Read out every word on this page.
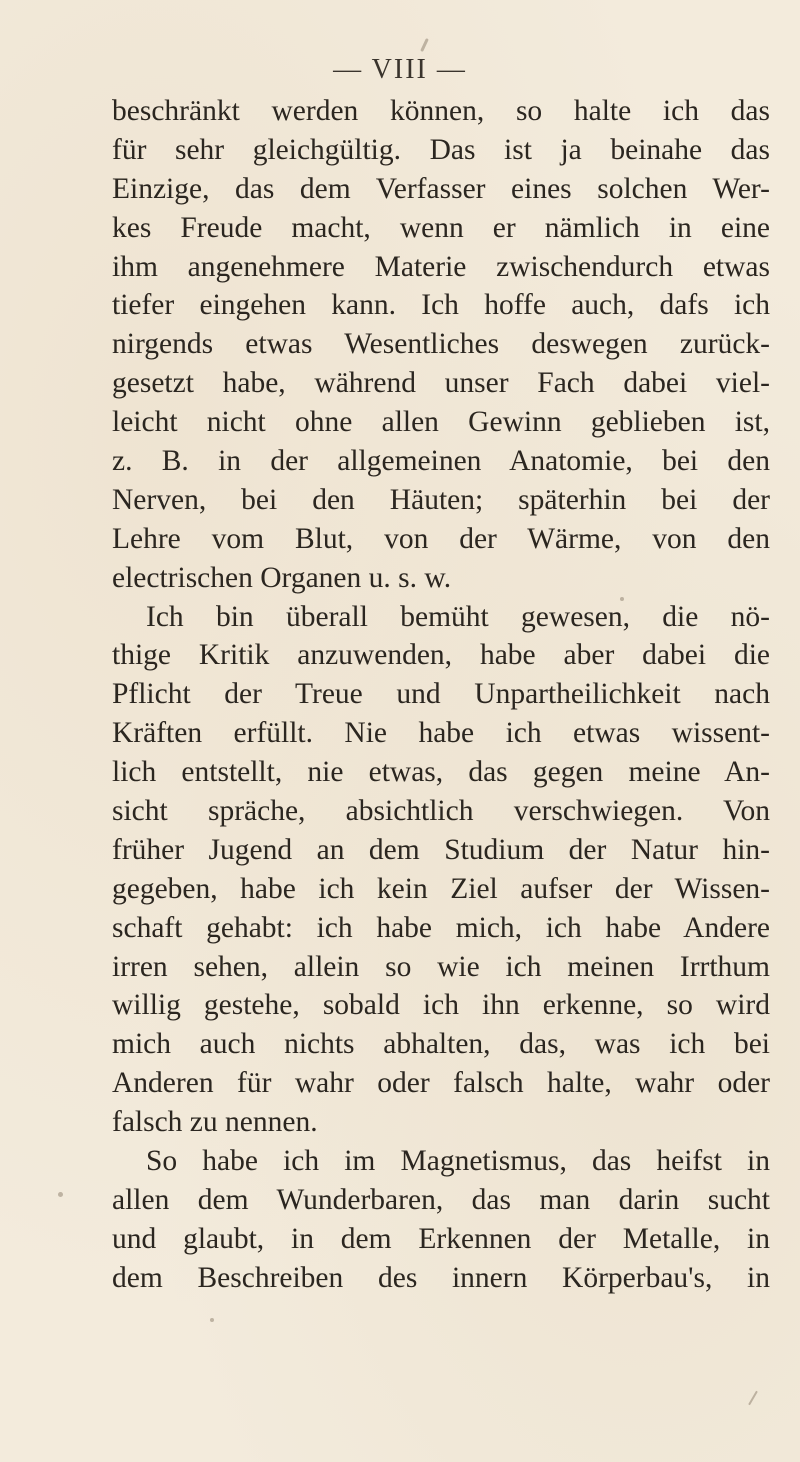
— VIII —
beschränkt werden können, so halte ich das
für sehr gleichgültig. Das ist ja beinahe das
Einzige, das dem Verfasser eines solchen Wer-
kes Freude macht, wenn er nämlich in eine
ihm angenehmere Materie zwischendurch etwas
tiefer eingehen kann. Ich hoffe auch, dafs ich
nirgends etwas Wesentliches deswegen zurück-
gesetzt habe, während unser Fach dabei viel-
leicht nicht ohne allen Gewinn geblieben ist,
z. B. in der allgemeinen Anatomie, bei den
Nerven, bei den Häuten; späterhin bei der
Lehre vom Blut, von der Wärme, von den
electrischen Organen u. s. w.
Ich bin überall bemüht gewesen, die nö-
thige Kritik anzuwenden, habe aber dabei die
Pflicht der Treue und Unpartheilichkeit nach
Kräften erfüllt. Nie habe ich etwas wissent-
lich entstellt, nie etwas, das gegen meine An-
sicht spräche, absichtlich verschwiegen. Von
früher Jugend an dem Studium der Natur hin-
gegeben, habe ich kein Ziel aufser der Wissen-
schaft gehabt: ich habe mich, ich habe Andere
irren sehen, allein so wie ich meinen Irrthum
willig gestehe, sobald ich ihn erkenne, so wird
mich auch nichts abhalten, das, was ich bei
Anderen für wahr oder falsch halte, wahr oder
falsch zu nennen.
So habe ich im Magnetismus, das heifst in
allen dem Wunderbaren, das man darin sucht
und glaubt, in dem Erkennen der Metalle, in
dem Beschreiben des innern Körperbau's, in
